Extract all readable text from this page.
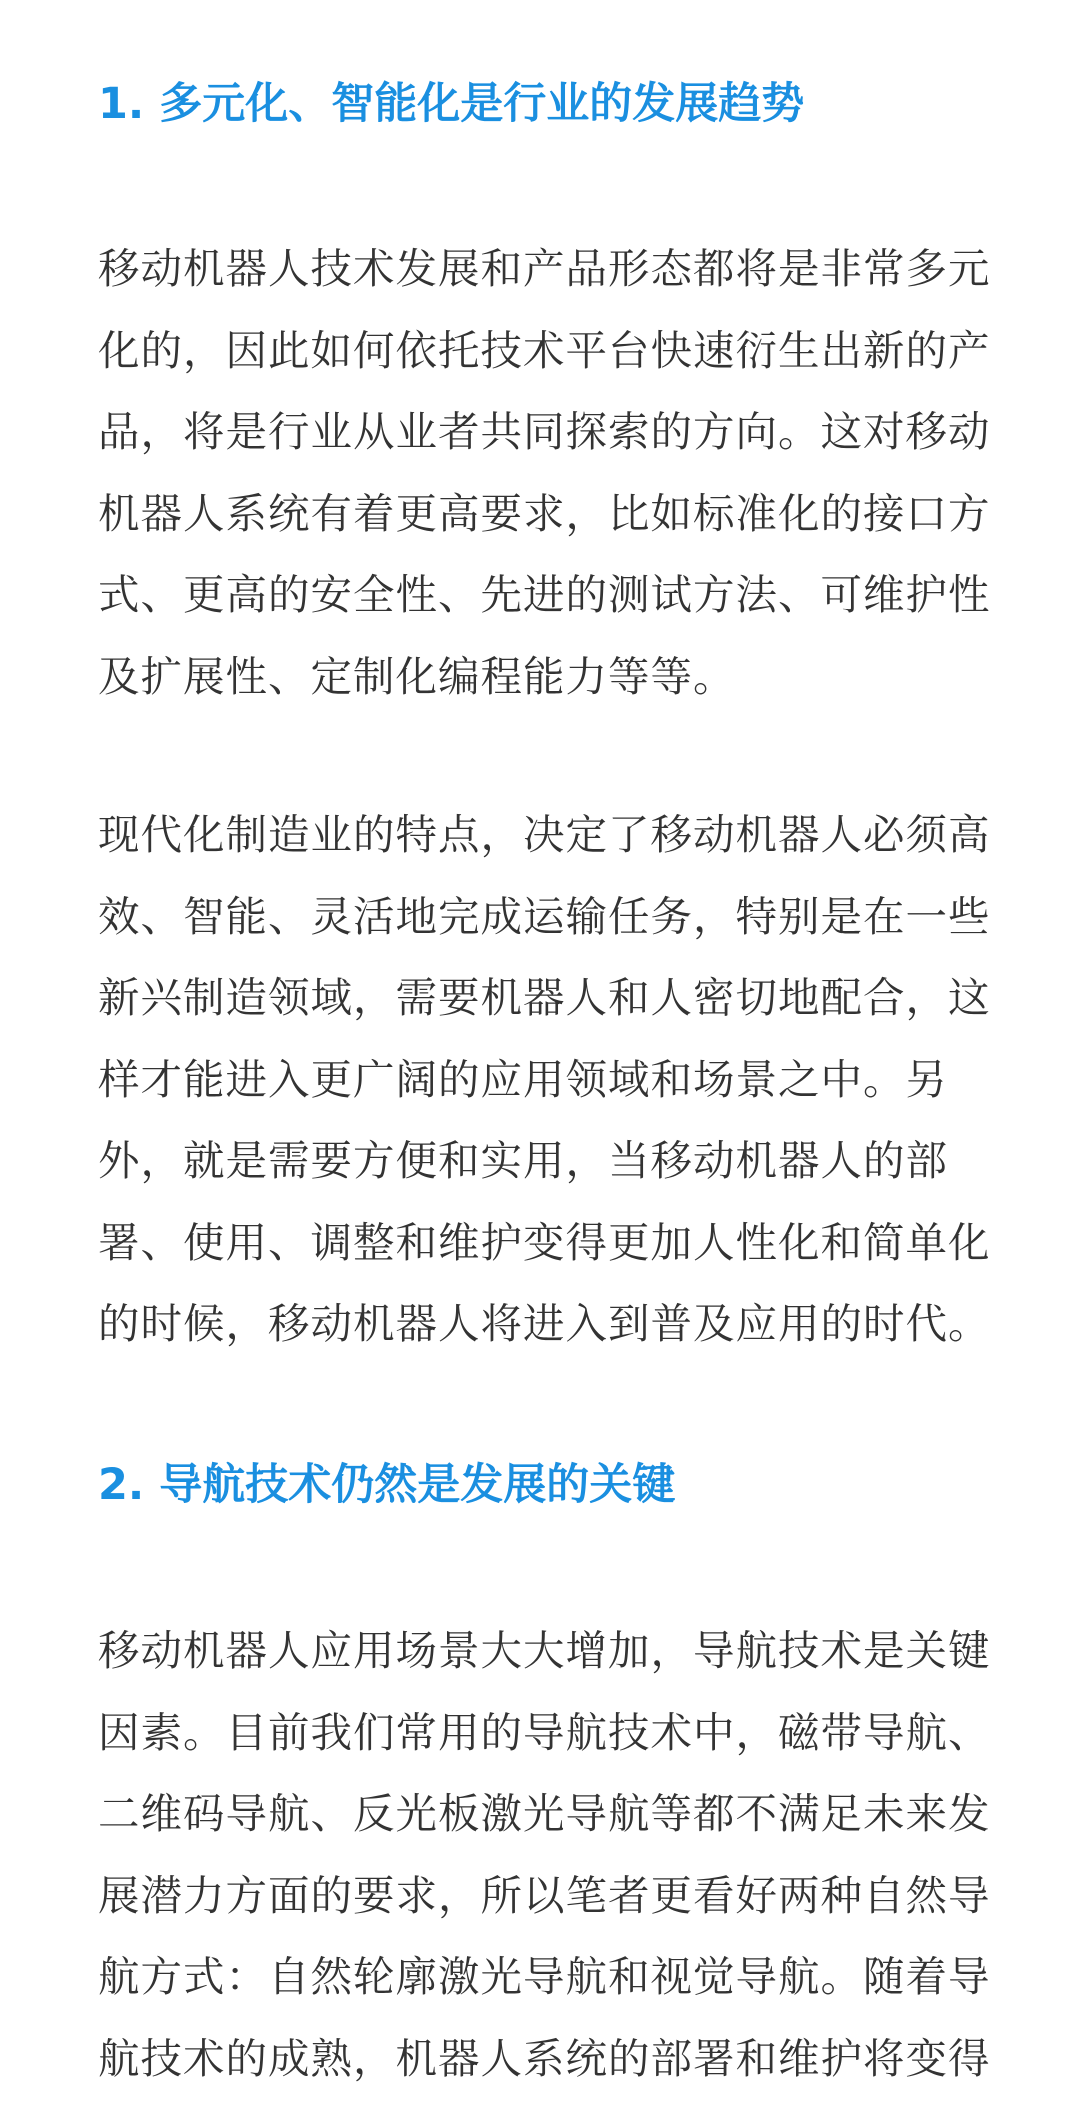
1. 多元化、智能化是行业的发展趋势

移动机器人技术发展和产品形态都将是非常多元
化的，因此如何依托技术平台快速衍生出新的产
品，将是行业从业者共同探索的方向。这对移动
机器人系统有着更高要求，比如标准化的接口方
式、更高的安全性、先进的测试方法、可维护性
及扩展性、定制化编程能力等等。

现代化制造业的特点，决定了移动机器人必须高
效、智能、灵活地完成运输任务，特别是在一些
新兴制造领域，需要机器人和人密切地配合，这
样才能进入更广阔的应用领域和场景之中。另
外，就是需要方便和实用，当移动机器人的部
署、使用、调整和维护变得更加人性化和简单化
的时候，移动机器人将进入到普及应用的时代。

2. 导航技术仍然是发展的关键

移动机器人应用场景大大增加，导航技术是关键
因素。目前我们常用的导航技术中，磁带导航、
二维码导航、反光板激光导航等都不满足未来发
展潜力方面的要求，所以笔者更看好两种自然导
航方式：自然轮廓激光导航和视觉导航。随着导
航技术的成熟，机器人系统的部署和维护将变得
